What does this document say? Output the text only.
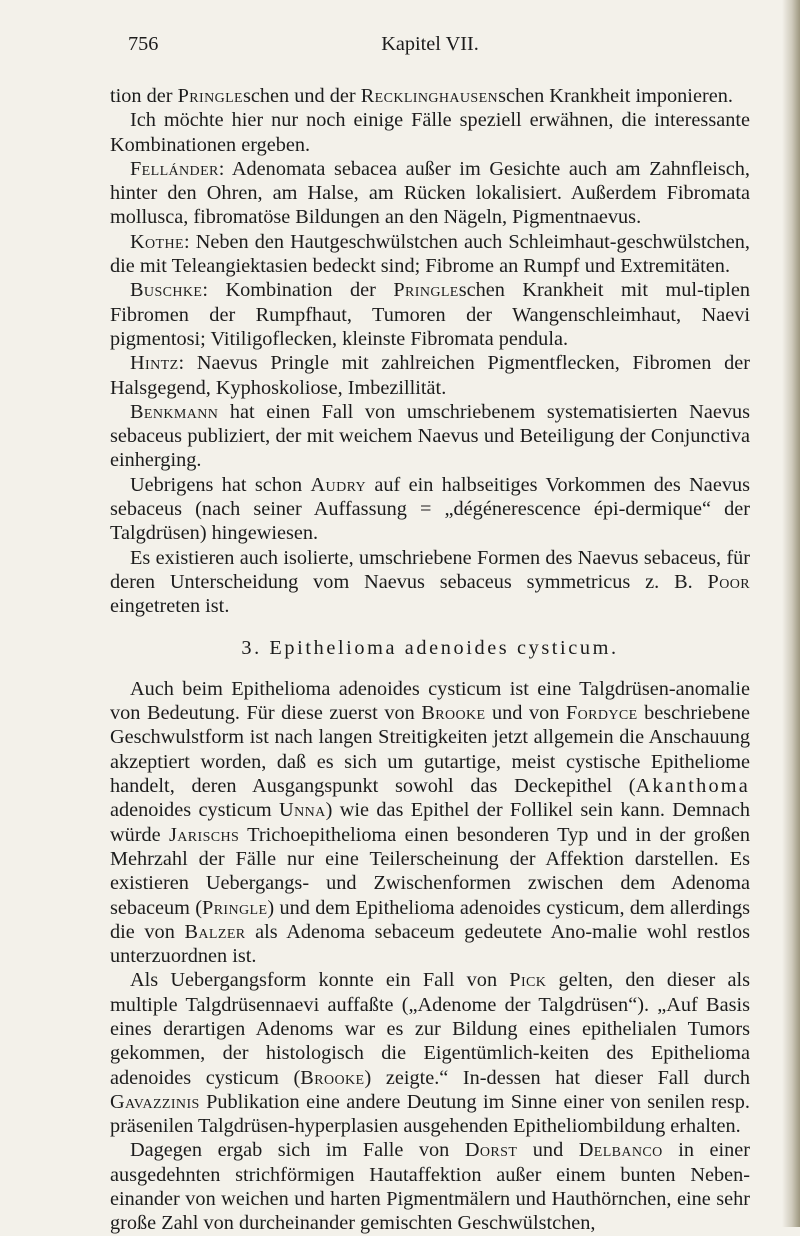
756	Kapitel VII.

tion der Pringleschen und der Recklinghausenschen Krankheit imponieren.

Ich möchte hier nur noch einige Fälle speziell erwähnen, die interessante Kombinationen ergeben.

Fellánder: Adenomata sebacea außer im Gesichte auch am Zahnfleisch, hinter den Ohren, am Halse, am Rücken lokalisiert. Außerdem Fibromata mollusca, fibromatöse Bildungen an den Nägeln, Pigmentnaevus.

Kothe: Neben den Hautgeschwülstchen auch Schleimhaut-geschwülstchen, die mit Teleangiektasien bedeckt sind; Fibrome an Rumpf und Extremitäten.

Buschke: Kombination der Pringleschen Krankheit mit mul-tiplen Fibromen der Rumpfhaut, Tumoren der Wangenschleimhaut, Naevi pigmentosi; Vitiligoflecken, kleinste Fibromata pendula.

Hintz: Naevus Pringle mit zahlreichen Pigmentflecken, Fibromen der Halsgegend, Kyphoskoliose, Imbezillität.

Benkmann hat einen Fall von umschriebenem systematisierten Naevus sebaceus publiziert, der mit weichem Naevus und Beteiligung der Conjunctiva einherging.

Uebrigens hat schon Audry auf ein halbseitiges Vorkommen des Naevus sebaceus (nach seiner Auffassung = „dégénerescence épi-dermique“ der Talgdrüsen) hingewiesen.

Es existieren auch isolierte, umschriebene Formen des Naevus sebaceus, für deren Unterscheidung vom Naevus sebaceus symmetricus z. B. Poor eingetreten ist.

3. Epithelioma adenoides cysticum.

Auch beim Epithelioma adenoides cysticum ist eine Talgdrüsen-anomalie von Bedeutung. Für diese zuerst von Brooke und von Fordyce beschriebene Geschwulstform ist nach langen Streitigkeiten jetzt allgemein die Anschauung akzeptiert worden, daß es sich um gutartige, meist cystische Epitheliome handelt, deren Ausgangspunkt sowohl das Deckepithel (Akanthoma adenoides cysticum Unna) wie das Epithel der Follikel sein kann. Demnach würde Jarischs Trichoepithelioma einen besonderen Typ und in der großen Mehrzahl der Fälle nur eine Teilerscheinung der Affektion darstellen. Es existieren Uebergangs- und Zwischenformen zwischen dem Adenoma sebaceum (Pringle) und dem Epithelioma adenoides cysticum, dem allerdings die von Balzer als Adenoma sebaceum gedeutete Ano-malie wohl restlos unterzuordnen ist.

Als Uebergangsform konnte ein Fall von Pick gelten, den dieser als multiple Talgdrüsennaevi auffaßte („Adenome der Talgdrüsen“). „Auf Basis eines derartigen Adenoms war es zur Bildung eines epithelialen Tumors gekommen, der histologisch die Eigentümlich-keiten des Epithelioma adenoides cysticum (Brooke) zeigte.“ In-dessen hat dieser Fall durch Gavazzinis Publikation eine andere Deutung im Sinne einer von senilen resp. präsenilen Talgdrüsen-hyperplasien ausgehenden Epitheliombildung erhalten.

Dagegen ergab sich im Falle von Dorst und Delbanco in einer ausgedehnten strichförmigen Hautaffektion außer einem bunten Neben-einander von weichen und harten Pigmentmälern und Hauthörnchen, eine sehr große Zahl von durcheinander gemischten Geschwülstchen,
